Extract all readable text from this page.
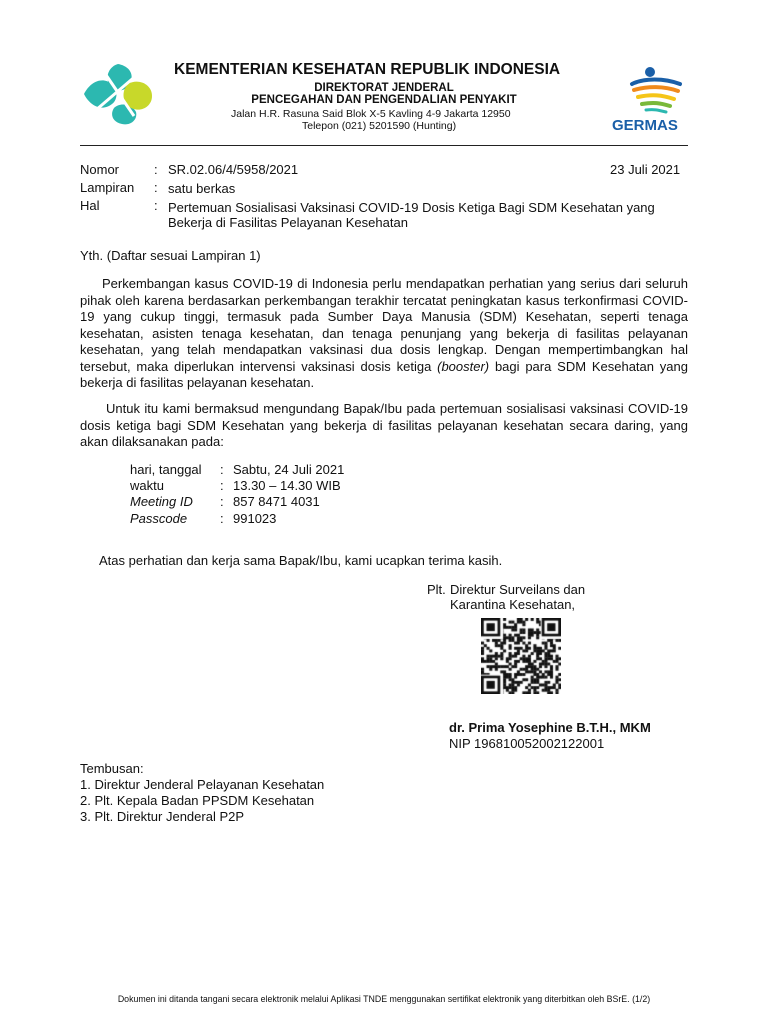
KEMENTERIAN KESEHATAN REPUBLIK INDONESIA
DIREKTORAT JENDERAL
PENCEGAHAN DAN PENGENDALIAN PENYAKIT
Jalan H.R. Rasuna Said Blok X-5 Kavling 4-9 Jakarta 12950
Telepon (021) 5201590 (Hunting)	GERMAS
Nomor	: SR.02.06/4/5958/2021	23 Juli 2021
Lampiran : satu berkas
Hal	: Pertemuan Sosialisasi Vaksinasi COVID-19 Dosis Ketiga Bagi SDM Kesehatan yang
Bekerja di Fasilitas Pelayanan Kesehatan
Yth. (Daftar sesuai Lampiran 1)
Perkembangan kasus COVID-19 di Indonesia perlu mendapatkan perhatian yang serius dari seluruh pihak oleh karena berdasarkan perkembangan terakhir tercatat peningkatan kasus terkonfirmasi COVID-19 yang cukup tinggi, termasuk pada Sumber Daya Manusia (SDM) Kesehatan, seperti tenaga kesehatan, asisten tenaga kesehatan, dan tenaga penunjang yang bekerja di fasilitas pelayanan kesehatan, yang telah mendapatkan vaksinasi dua dosis lengkap. Dengan mempertimbangkan hal tersebut, maka diperlukan intervensi vaksinasi dosis ketiga (booster) bagi para SDM Kesehatan yang bekerja di fasilitas pelayanan kesehatan.
Untuk itu kami bermaksud mengundang Bapak/Ibu pada pertemuan sosialisasi vaksinasi COVID-19 dosis ketiga bagi SDM Kesehatan yang bekerja di fasilitas pelayanan kesehatan secara daring, yang akan dilaksanakan pada:
hari, tanggal : Sabtu, 24 Juli 2021
waktu	: 13.30 – 14.30 WIB
Meeting ID : 857 8471 4031
Passcode	: 991023
Atas perhatian dan kerja sama Bapak/Ibu, kami ucapkan terima kasih.
Plt. Direktur Surveilans dan
Karantina Kesehatan,
dr. Prima Yosephine B.T.H., MKM
NIP 196810052002122001
Tembusan:
1. Direktur Jenderal Pelayanan Kesehatan
2. Plt. Kepala Badan PPSDM Kesehatan
3. Plt. Direktur Jenderal P2P
Dokumen ini ditanda tangani secara elektronik melalui Aplikasi TNDE menggunakan sertifikat elektronik yang diterbitkan oleh BSrE. (1/2)
